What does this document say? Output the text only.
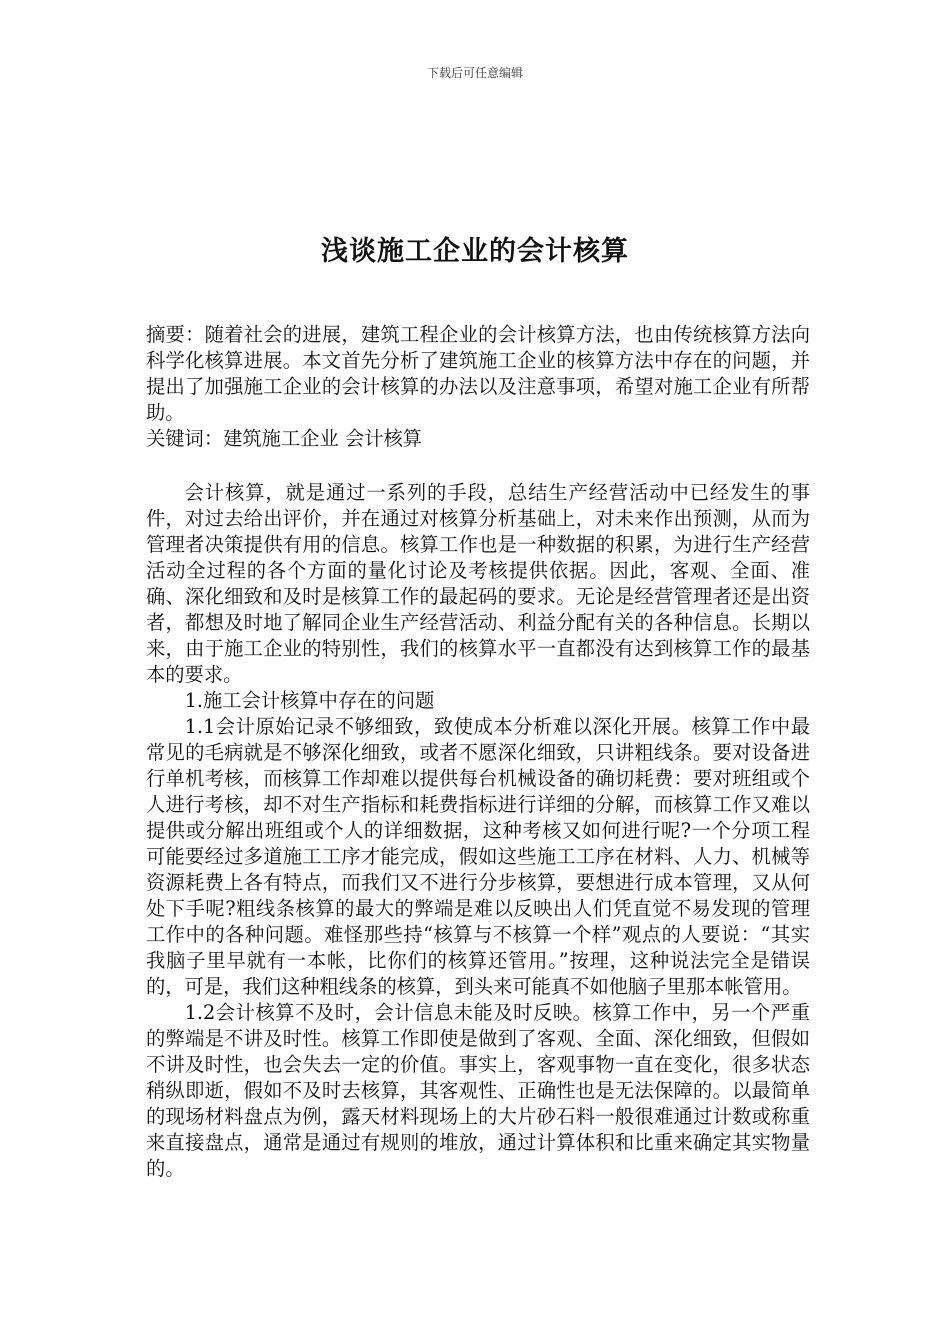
下载后可任意编辑
浅谈施工企业的会计核算

摘要：随着社会的进展，建筑工程企业的会计核算方法，也由传统核算方法向科学化核算进展。本文首先分析了建筑施工企业的核算方法中存在的问题，并提出了加强施工企业的会计核算的办法以及注意事项，希望对施工企业有所帮助。

关键词：建筑施工企业 会计核算

会计核算，就是通过一系列的手段，总结生产经营活动中已经发生的事件，对过去给出评价，并在通过对核算分析基础上，对未来作出预测，从而为管理者决策提供有用的信息。核算工作也是一种数据的积累，为进行生产经营活动全过程的各个方面的量化讨论及考核提供依据。因此，客观、全面、准确、深化细致和及时是核算工作的最起码的要求。无论是经营管理者还是出资者，都想及时地了解同企业生产经营活动、利益分配有关的各种信息。长期以来，由于施工企业的特别性，我们的核算水平一直都没有达到核算工作的最基本的要求。

1.施工会计核算中存在的问题

1.1会计原始记录不够细致，致使成本分析难以深化开展。核算工作中最常见的毛病就是不够深化细致，或者不愿深化细致，只讲粗线条。要对设备进行单机考核，而核算工作却难以提供每台机械设备的确切耗费：要对班组或个人进行考核，却不对生产指标和耗费指标进行详细的分解，而核算工作又难以提供或分解出班组或个人的详细数据，这种考核又如何进行呢?一个分项工程可能要经过多道施工工序才能完成，假如这些施工工序在材料、人力、机械等资源耗费上各有特点，而我们又不进行分步核算，要想进行成本管理，又从何处下手呢?粗线条核算的最大的弊端是难以反映出人们凭直觉不易发现的管理工作中的各种问题。难怪那些持“核算与不核算一个样”观点的人要说：“其实我脑子里早就有一本帐，比你们的核算还管用。”按理，这种说法完全是错误的，可是，我们这种粗线条的核算，到头来可能真不如他脑子里那本帐管用。

1.2会计核算不及时，会计信息未能及时反映。核算工作中，另一个严重的弊端是不讲及时性。核算工作即使是做到了客观、全面、深化细致，但假如不讲及时性，也会失去一定的价值。事实上，客观事物一直在变化，很多状态稍纵即逝，假如不及时去核算，其客观性、正确性也是无法保障的。以最简单的现场材料盘点为例，露天材料现场上的大片砂石料一般很难通过计数或称重来直接盘点，通常是通过有规则的堆放，通过计算体积和比重来确定其实物量的。
